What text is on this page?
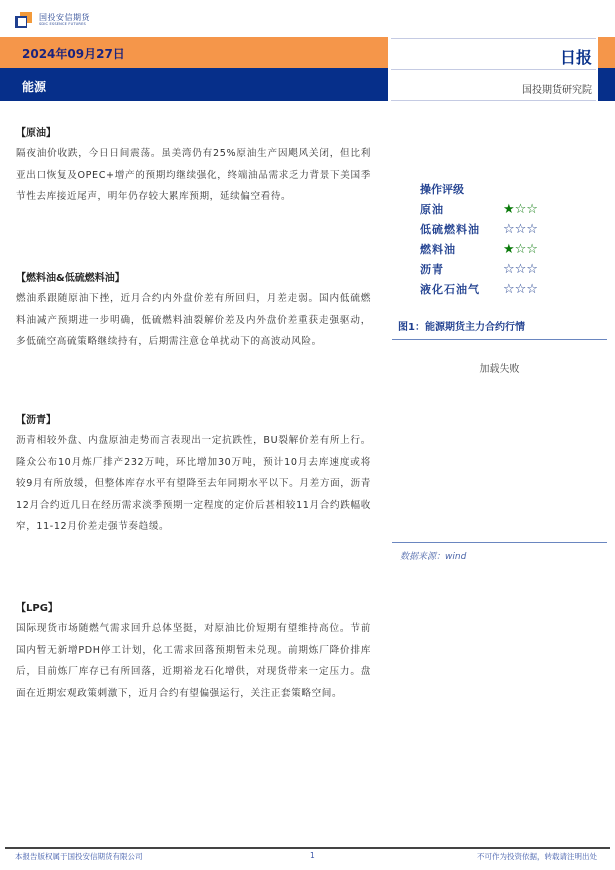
国投安信期货
SDIC ESSENCE FUTURES
2024年09月27日
能源
日报
国投期货研究院
【原油】
隔夜油价收跌，今日日间震荡。虽美湾仍有25%原油生产因飓风关闭，但比利亚出口恢复及OPEC+增产的预期均继续强化，终端油品需求乏力背景下美国季节性去库接近尾声，明年仍存较大累库预期，延续偏空看待。
【燃料油&低硫燃料油】
燃油系跟随原油下挫，近月合约内外盘价差有所回归，月差走弱。国内低硫燃料油减产预期进一步明确，低硫燃料油裂解价差及内外盘价差重获走强驱动，多低硫空高硫策略继续持有，后期需注意仓单扰动下的高波动风险。
【沥青】
沥青相较外盘、内盘原油走势而言表现出一定抗跌性，BU裂解价差有所上行。隆众公布10月炼厂排产232万吨，环比增加30万吨，预计10月去库速度或将较9月有所放缓，但整体库存水平有望降至去年同期水平以下。月差方面，沥青12月合约近几日在经历需求淡季预期一定程度的定价后甚相较11月合约跌幅收窄，11-12月价差走强节奏趋缓。
【LPG】
国际现货市场随燃气需求回升总体坚挺，对原油比价短期有望维持高位。节前国内暂无新增PDH停工计划，化工需求回落预期暂未兑现。前期炼厂降价排库后，目前炼厂库存已有所回落，近期裕龙石化增供，对现货带来一定压力。盘面在近期宏观政策刺激下，近月合约有望偏强运行，关注正套策略空间。
操作评级
原油	★☆☆
低硫燃料油	☆☆☆
燃料油	★☆☆
沥青	☆☆☆
液化石油气	☆☆☆
图1：能源期货主力合约行情
加载失败
数据来源：wind
本报告版权属于国投安信期货有限公司	1	不可作为投资依据，转载请注明出处
